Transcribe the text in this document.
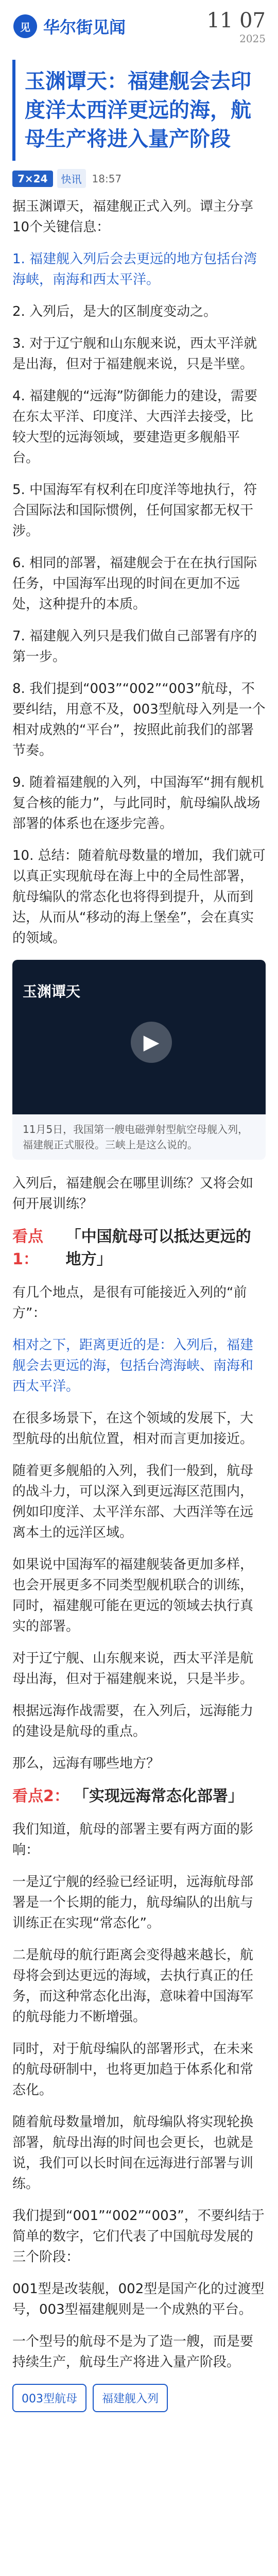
见 华尔街见闻	11 07
2025
玉渊谭天：福建舰会去印度洋太西洋更远的海，航母生产将进入量产阶段
7×24	快讯	18:57
据玉渊谭天，福建舰正式入列。谭主分享10个关键信息：
1. 福建舰入列后会去更远的地方包括台湾海峡，南海和西太平洋。
2. 入列后，是大的区制度变动之。
3. 对于辽宁舰和山东舰来说，西太平洋就是出海，但对于福建舰来说，只是半壁。
4. 福建舰的“远海”防御能力的建设，需要在东太平洋、印度洋、大西洋去接受，比较大型的远海领域，要建造更多舰船平台。
5. 中国海军有权利在印度洋等地执行，符合国际法和国际惯例，任何国家都无权干涉。
6. 相同的部署，福建舰会于在在执行国际任务，中国海军出现的时间在更加不远处，这种提升的本质。
7. 福建舰入列只是我们做自己部署有序的第一步。
8. 我们提到“003”“002”“003”航母，不要纠结，用意不及，003型航母入列是一个相对成熟的“平台”，按照此前我们的部署节奏。
9. 随着福建舰的入列，中国海军“拥有舰机复合核的能力”，与此同时，航母编队战场部署的体系也在逐步完善。
10. 总结：随着航母数量的增加，我们就可以真正实现航母在海上中的全局性部署，航母编队的常态化也将得到提升，从而到达，从而从“移动的海上堡垒”，会在真实的领域。
玉渊谭天
▶
11月5日，我国第一艘电磁弹射型航空母舰入列，福建舰正式服役。三峡上是这么说的。
入列后，福建舰会在哪里训练？又将会如何开展训练？
看点1：
「中国航母可以抵达更远的地方」
有几个地点，是很有可能接近入列的“前方”：
相对之下，距离更近的是：入列后，福建舰会去更远的海，包括台湾海峡、南海和西太平洋。
在很多场景下，在这个领域的发展下，大型航母的出航位置，相对而言更加接近。
随着更多舰船的入列，我们一般到，航母的战斗力，可以深入到更远海区范围内，例如印度洋、太平洋东部、大西洋等在远离本土的远洋区域。
如果说中国海军的福建舰装备更加多样，也会开展更多不同类型舰机联合的训练，同时，福建舰可能在更远的领域去执行真实的部署。
对于辽宁舰、山东舰来说，西太平洋是航母出海，但对于福建舰来说，只是半步。
根据远海作战需要，在入列后，远海能力的建设是航母的重点。
那么，远海有哪些地方？
看点2： 「实现远海常态化部署」
我们知道，航母的部署主要有两方面的影响：
一是辽宁舰的经验已经证明，远海航母部署是一个长期的能力，航母编队的出航与训练正在实现“常态化”。
二是航母的航行距离会变得越来越长，航母将会到达更远的海域，去执行真正的任务，而这种常态化出海，意味着中国海军的航母能力不断增强。
同时，对于航母编队的部署形式，在未来的航母研制中，也将更加趋于体系化和常态化。
随着航母数量增加，航母编队将实现轮换部署，航母出海的时间也会更长，也就是说，我们可以长时间在远海进行部署与训练。
我们提到“001”“002”“003”，不要纠结于简单的数字，它们代表了中国航母发展的三个阶段：
001型是改装舰，002型是国产化的过渡型号，003型福建舰则是一个成熟的平台。
一个型号的航母不是为了造一艘，而是要持续生产，航母生产将进入量产阶段。
003型航母	福建舰入列
